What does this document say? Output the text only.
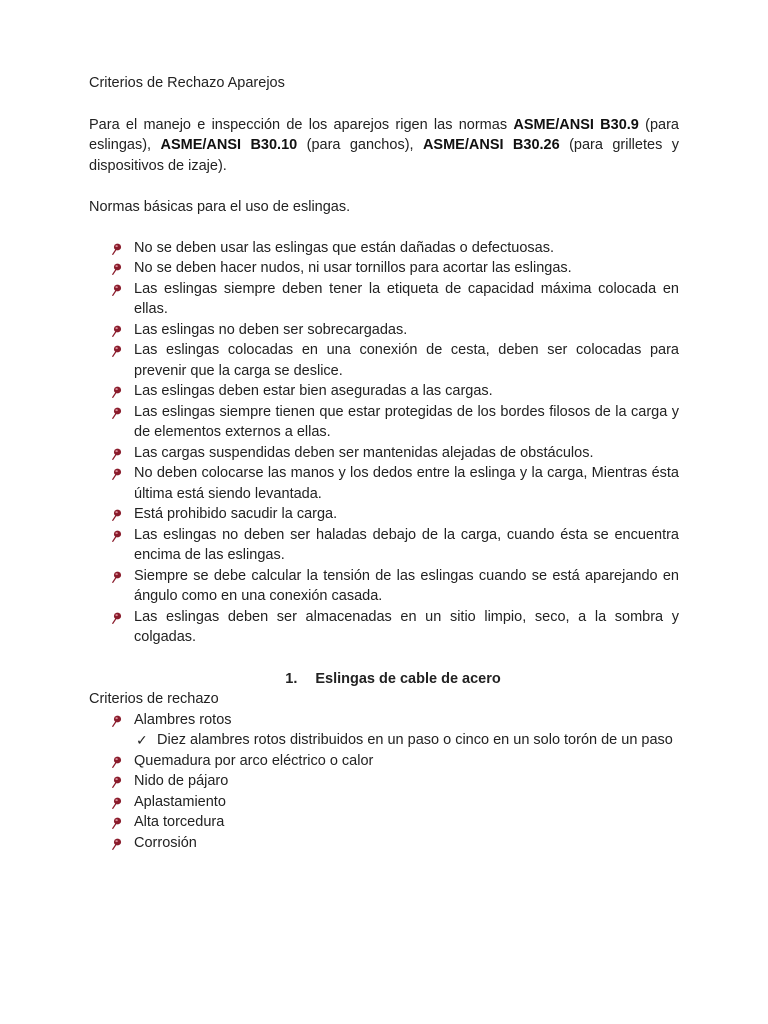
Criterios de Rechazo Aparejos
Para el manejo e inspección de los aparejos rigen las normas ASME/ANSI B30.9 (para eslingas), ASME/ANSI B30.10 (para ganchos), ASME/ANSI B30.26 (para grilletes y dispositivos de izaje).
Normas básicas para el uso de eslingas.
No se deben usar las eslingas que están dañadas o defectuosas.
No se deben hacer nudos, ni usar tornillos para acortar las eslingas.
Las eslingas siempre deben tener la etiqueta de capacidad máxima colocada en ellas.
Las eslingas no deben ser sobrecargadas.
Las eslingas colocadas en una conexión de cesta, deben ser colocadas para prevenir que la carga se deslice.
Las eslingas deben estar bien aseguradas a las cargas.
Las eslingas siempre tienen que estar protegidas de los bordes filosos de la carga y de elementos externos a ellas.
Las cargas suspendidas deben ser mantenidas alejadas de obstáculos.
No deben colocarse las manos y los dedos entre la eslinga y la carga, Mientras ésta última está siendo levantada.
Está prohibido sacudir la carga.
Las eslingas no deben ser haladas debajo de la carga, cuando ésta se encuentra encima de las eslingas.
Siempre se debe calcular la tensión de las eslingas cuando se está aparejando en ángulo como en una conexión casada.
Las eslingas deben ser almacenadas en un sitio limpio, seco, a la sombra y colgadas.
1. Eslingas de cable de acero
Criterios de rechazo
Alambres rotos
✓ Diez alambres rotos distribuidos en un paso o cinco en un solo torón de un paso
Quemadura por arco eléctrico o calor
Nido de pájaro
Aplastamiento
Alta torcedura
Corrosión
